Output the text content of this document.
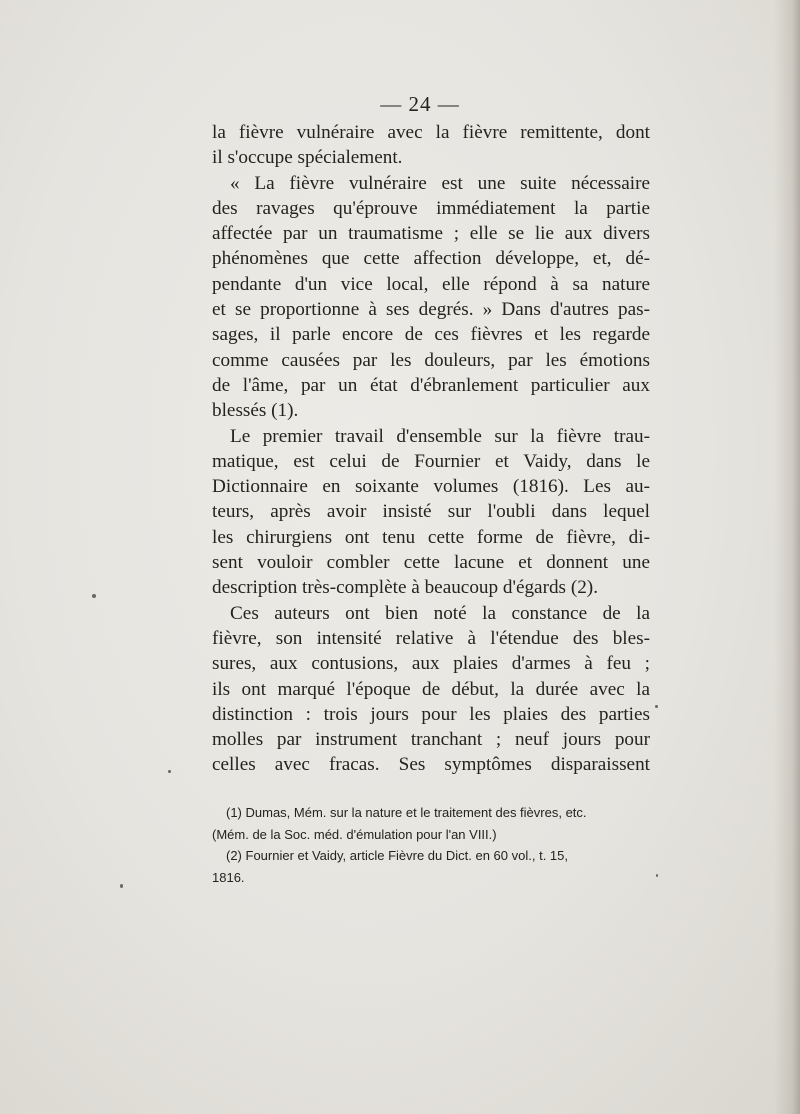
— 24 —
la fièvre vulnéraire avec la fièvre remittente, dont
il s'occupe spécialement.
« La fièvre vulnéraire est une suite nécessaire
des ravages qu'éprouve immédiatement la partie
affectée par un traumatisme ; elle se lie aux divers
phénomènes que cette affection développe, et, dé-
pendante d'un vice local, elle répond à sa nature
et se proportionne à ses degrés. » Dans d'autres pas-
sages, il parle encore de ces fièvres et les regarde
comme causées par les douleurs, par les émotions
de l'âme, par un état d'ébranlement particulier aux
blessés (1).
Le premier travail d'ensemble sur la fièvre trau-
matique, est celui de Fournier et Vaidy, dans le
Dictionnaire en soixante volumes (1816). Les au-
teurs, après avoir insisté sur l'oubli dans lequel
les chirurgiens ont tenu cette forme de fièvre, di-
sent vouloir combler cette lacune et donnent une
description très-complète à beaucoup d'égards (2).
Ces auteurs ont bien noté la constance de la
fièvre, son intensité relative à l'étendue des bles-
sures, aux contusions, aux plaies d'armes à feu ;
ils ont marqué l'époque de début, la durée avec la
distinction : trois jours pour les plaies des parties
molles par instrument tranchant ; neuf jours pour
celles avec fracas. Ses symptômes disparaissent
(1) Dumas, Mém. sur la nature et le traitement des fièvres, etc.
(Mém. de la Soc. méd. d'émulation pour l'an VIII.)
(2) Fournier et Vaidy, article Fièvre du Dict. en 60 vol., t. 15,
1816.
